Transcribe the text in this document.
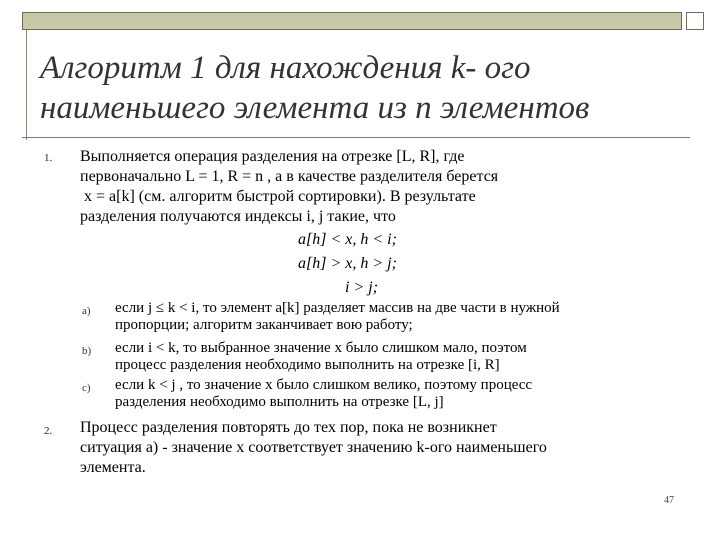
Алгоритм 1 для нахождения k- ого
наименьшего элемента из n элементов
1. Выполняется операция разделения на отрезке [L, R], где
первоначально L = 1, R = n , а в качестве разделителя берется
x = a[k] (см. алгоритм быстрой сортировки). В результате
разделения получаются индексы i, j такие, что
a[h] < x, h < i;
a[h] > x, h > j;
i > j;
a) если j ≤ k < i, то элемент a[k] разделяет массив на две части в нужной
пропорции; алгоритм заканчивает вою работу;
b) если i < k, то выбранное значение x было слишком мало, поэтом
процесс разделения необходимо выполнить на отрезке [i, R]
c) если k < j , то значение x было слишком велико, поэтому процесс
разделения необходимо выполнить на отрезке [L, j]
2. Процесс разделения повторять до тех пор, пока не возникнет
ситуация а) - значение x соответствует значению k-ого наименьшего
элемента.
47
